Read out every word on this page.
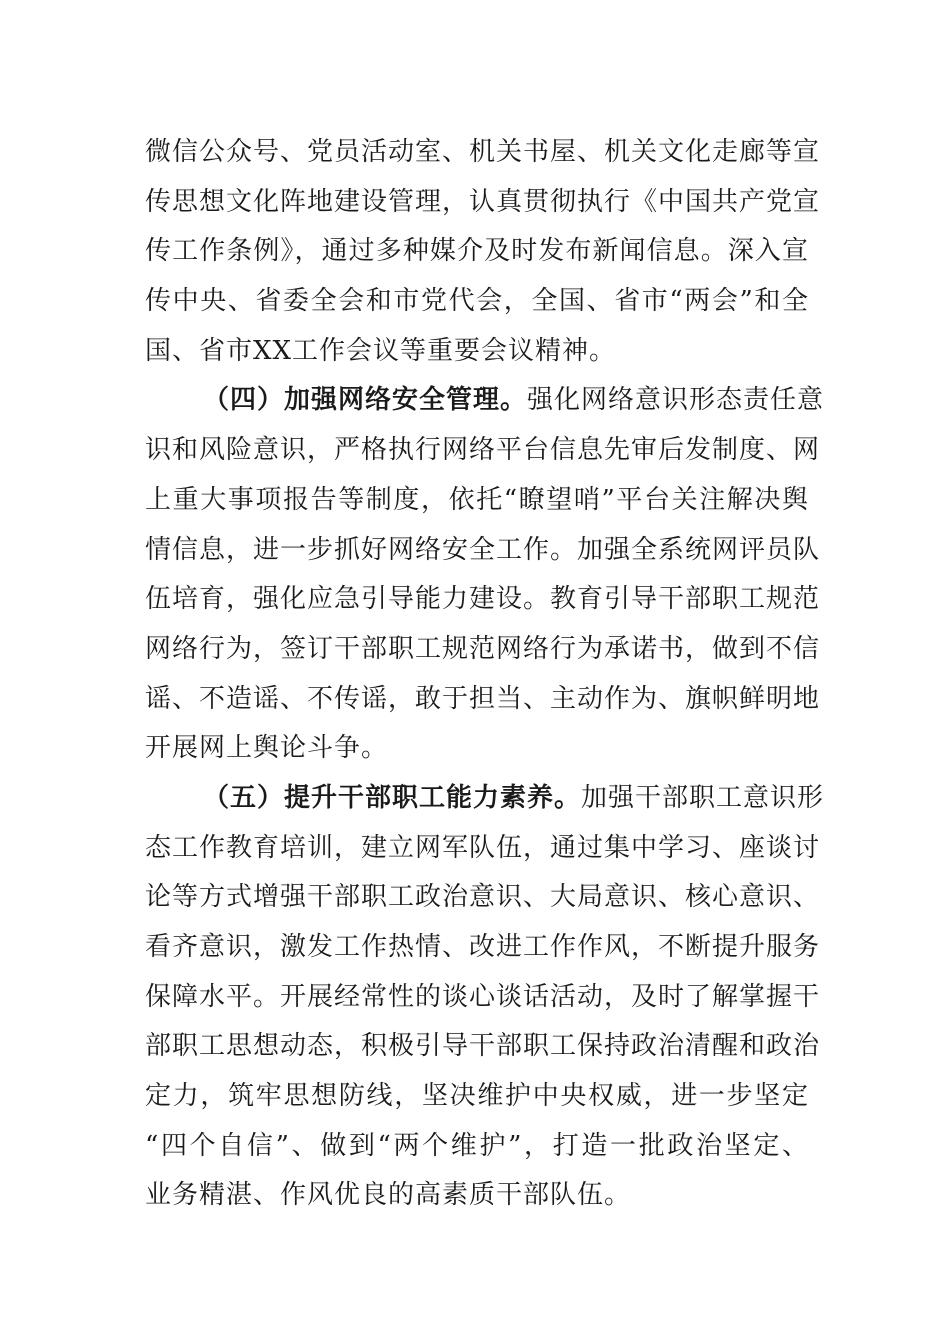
微信公众号、党员活动室、机关书屋、机关文化走廊等宣
传思想文化阵地建设管理，认真贯彻执行《中国共产党宣
传工作条例》，通过多种媒介及时发布新闻信息。深入宣
传中央、省委全会和市党代会，全国、省市“两会”和全
国、省市XX工作会议等重要会议精神。
（四）加强网络安全管理。强化网络意识形态责任意
识和风险意识，严格执行网络平台信息先审后发制度、网
上重大事项报告等制度，依托“瞭望哨”平台关注解决舆
情信息，进一步抓好网络安全工作。加强全系统网评员队
伍培育，强化应急引导能力建设。教育引导干部职工规范
网络行为，签订干部职工规范网络行为承诺书，做到不信
谣、不造谣、不传谣，敢于担当、主动作为、旗帜鲜明地
开展网上舆论斗争。
（五）提升干部职工能力素养。加强干部职工意识形
态工作教育培训，建立网军队伍，通过集中学习、座谈讨
论等方式增强干部职工政治意识、大局意识、核心意识、
看齐意识，激发工作热情、改进工作作风，不断提升服务
保障水平。开展经常性的谈心谈话活动，及时了解掌握干
部职工思想动态，积极引导干部职工保持政治清醒和政治
定力，筑牢思想防线，坚决维护中央权威，进一步坚定
“四个自信”、做到“两个维护”，打造一批政治坚定、
业务精湛、作风优良的高素质干部队伍。
